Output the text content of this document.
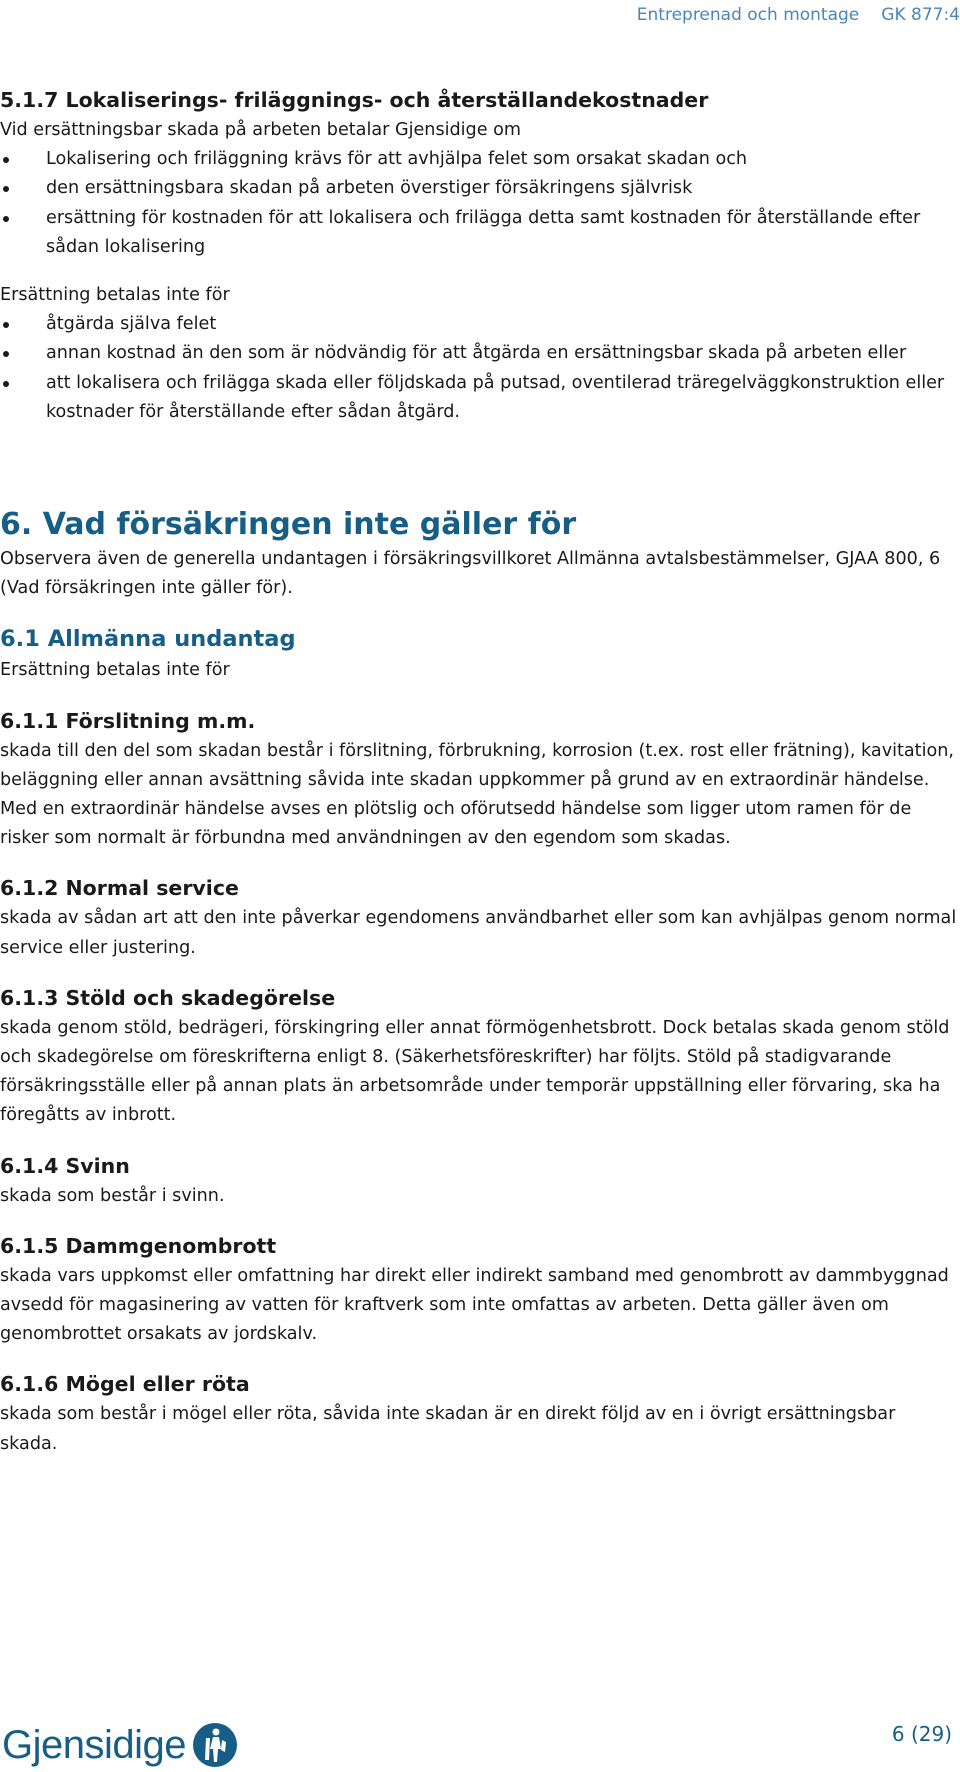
Entreprenad och montage GK 877:4
5.1.7 Lokaliserings- friläggnings- och återställandekostnader

Vid ersättningsbar skada på arbeten betalar Gjensidige om

Lokalisering och friläggning krävs för att avhjälpa felet som orsakat skadan och
den ersättningsbara skadan på arbeten överstiger försäkringens självrisk
ersättning för kostnaden för att lokalisera och frilägga detta samt kostnaden för återställande efter sådan lokalisering

Ersättning betalas inte för

åtgärda själva felet
annan kostnad än den som är nödvändig för att åtgärda en ersättningsbar skada på arbeten eller
att lokalisera och frilägga skada eller följdskada på putsad, oventilerad träregelväggkonstruktion eller kostnader för återställande efter sådan åtgärd.
6. Vad försäkringen inte gäller för

Observera även de generella undantagen i försäkringsvillkoret Allmänna avtalsbestämmelser, GJAA 800, 6 (Vad försäkringen inte gäller för).

6.1 Allmänna undantag

Ersättning betalas inte för

6.1.1 Förslitning m.m.

skada till den del som skadan består i förslitning, förbrukning, korrosion (t.ex. rost eller frätning), kavitation, beläggning eller annan avsättning såvida inte skadan uppkommer på grund av en extraordinär händelse. Med en extraordinär händelse avses en plötslig och oförutsedd händelse som ligger utom ramen för de risker som normalt är förbundna med användningen av den egendom som skadas.

6.1.2 Normal service

skada av sådan art att den inte påverkar egendomens användbarhet eller som kan avhjälpas genom normal service eller justering.

6.1.3 Stöld och skadegörelse

skada genom stöld, bedrägeri, förskingring eller annat förmögenhetsbrott. Dock betalas skada genom stöld och skadegörelse om föreskrifterna enligt 8. (Säkerhetsföreskrifter) har följts. Stöld på stadigvarande försäkringsställe eller på annan plats än arbetsområde under temporär uppställning eller förvaring, ska ha föregåtts av inbrott.

6.1.4 Svinn

skada som består i svinn.

6.1.5 Dammgenombrott

skada vars uppkomst eller omfattning har direkt eller indirekt samband med genombrott av dammbyggnad avsedd för magasinering av vatten för kraftverk som inte omfattas av arbeten. Detta gäller även om genombrottet orsakats av jordskalv.

6.1.6 Mögel eller röta

skada som består i mögel eller röta, såvida inte skadan är en direkt följd av en i övrigt ersättningsbar skada.

Gjensidige	6 (29)
